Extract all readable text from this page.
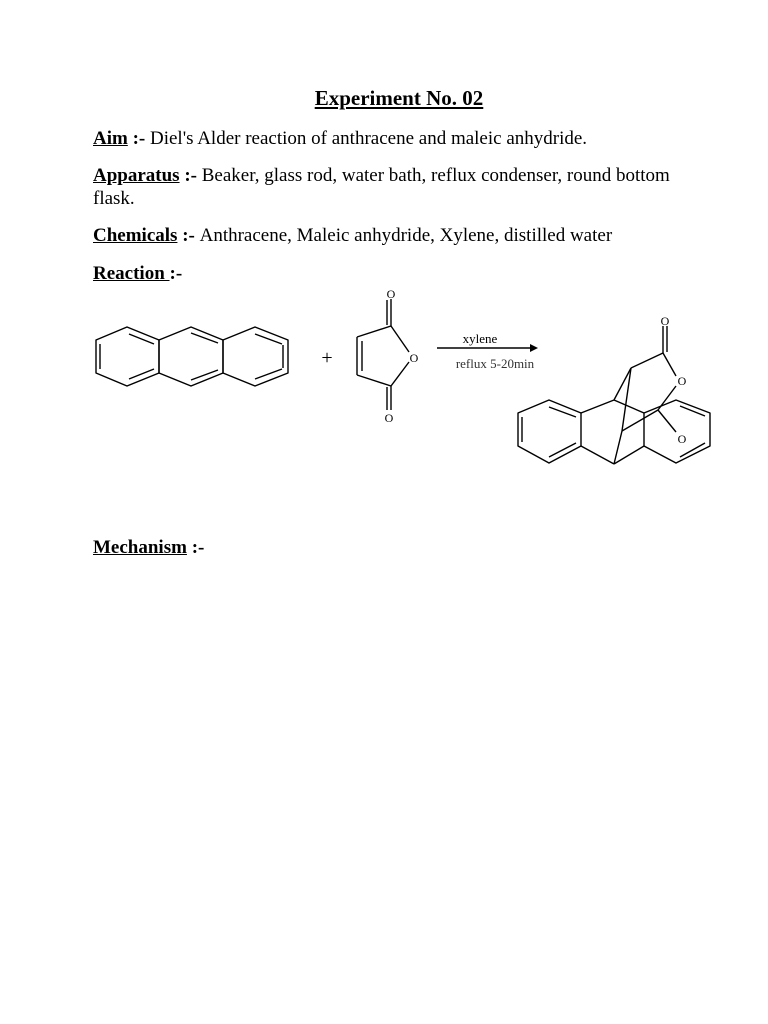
Experiment No. 02

Aim :- Diel's Alder reaction of anthracene and maleic anhydride.

Apparatus :- Beaker, glass rod, water bath, reflux condenser, round bottom flask.

Chemicals :- Anthracene, Maleic anhydride, Xylene, distilled water

Reaction :-

+
xylene
reflux 5-20min
O
O
O
O
O
O

Mechanism :-
